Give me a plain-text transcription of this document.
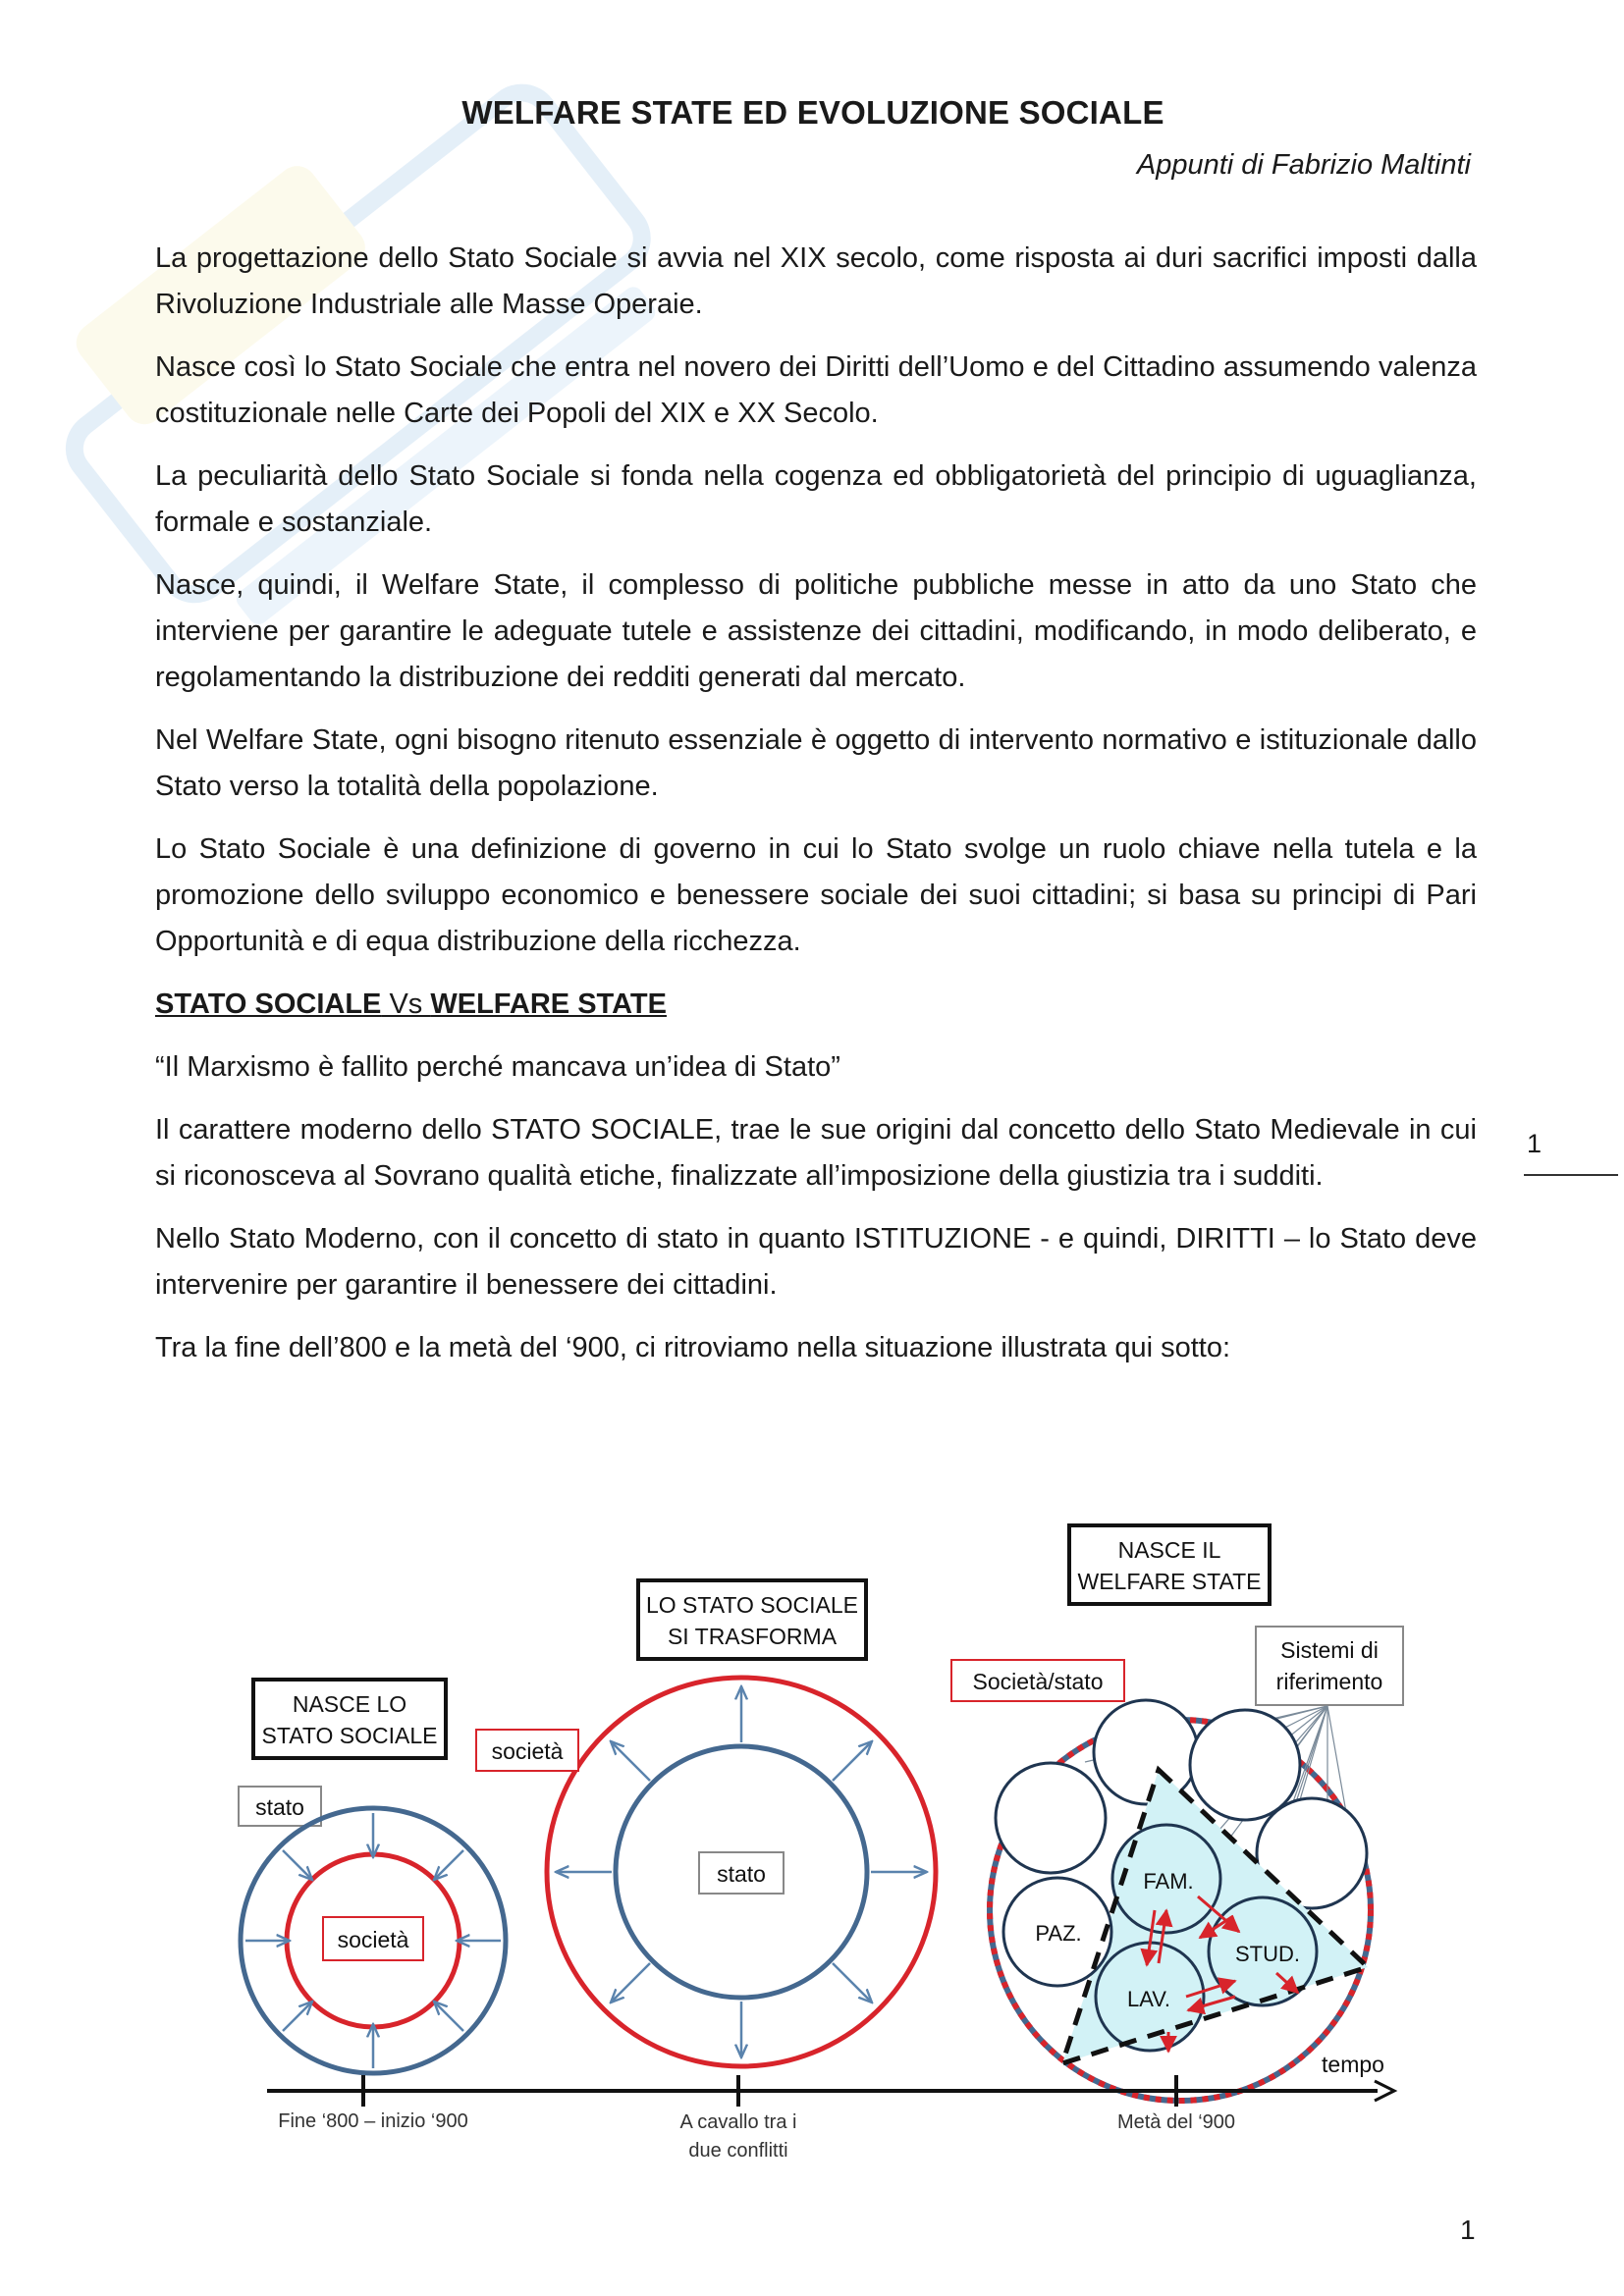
WELFARE STATE ED EVOLUZIONE SOCIALE
Appunti di Fabrizio Maltinti

La progettazione dello Stato Sociale si avvia nel XIX secolo, come risposta ai duri sacrifici imposti dalla Rivoluzione Industriale alle Masse Operaie.

Nasce così lo Stato Sociale che entra nel novero dei Diritti dell’Uomo e del Cittadino assumendo valenza costituzionale nelle Carte dei Popoli del XIX e XX Secolo.

La peculiarità dello Stato Sociale si fonda nella cogenza ed obbligatorietà del principio di uguaglianza, formale e sostanziale.

Nasce, quindi, il Welfare State, il complesso di politiche pubbliche messe in atto da uno Stato che interviene per garantire le adeguate tutele e assistenze dei cittadini, modificando, in modo deliberato, e regolamentando la distribuzione dei redditi generati dal mercato.

Nel Welfare State, ogni bisogno ritenuto essenziale è oggetto di intervento normativo e istituzionale dallo Stato verso la totalità della popolazione.

Lo Stato Sociale è una definizione di governo in cui lo Stato svolge un ruolo chiave nella tutela e la promozione dello sviluppo economico e benessere sociale dei suoi cittadini; si basa su principi di Pari Opportunità e di equa distribuzione della ricchezza.

STATO SOCIALE Vs WELFARE STATE

“Il Marxismo è fallito perché mancava un’idea di Stato”

Il carattere moderno dello STATO SOCIALE, trae le sue origini dal concetto dello Stato Medievale in cui si riconosceva al Sovrano qualità etiche, finalizzate all’imposizione della giustizia tra i sudditi.

Nello Stato Moderno, con il concetto di stato in quanto ISTITUZIONE - e quindi, DIRITTI – lo Stato deve intervenire per garantire il benessere dei cittadini.

Tra la fine dell’800 e la metà del ‘900, ci ritroviamo nella situazione illustrata qui sotto:

1
NASCE LO
STATO SOCIALE
stato
società
LO STATO SOCIALE
SI TRASFORMA
società
stato
NASCE IL
WELFARE STATE
Società/stato
Sistemi di
riferimento
FAM.
PAZ.
STUD.
LAV.
tempo
Fine ‘800 – inizio ‘900	A cavallo tra i
due conflitti
Metà del ‘900
1
